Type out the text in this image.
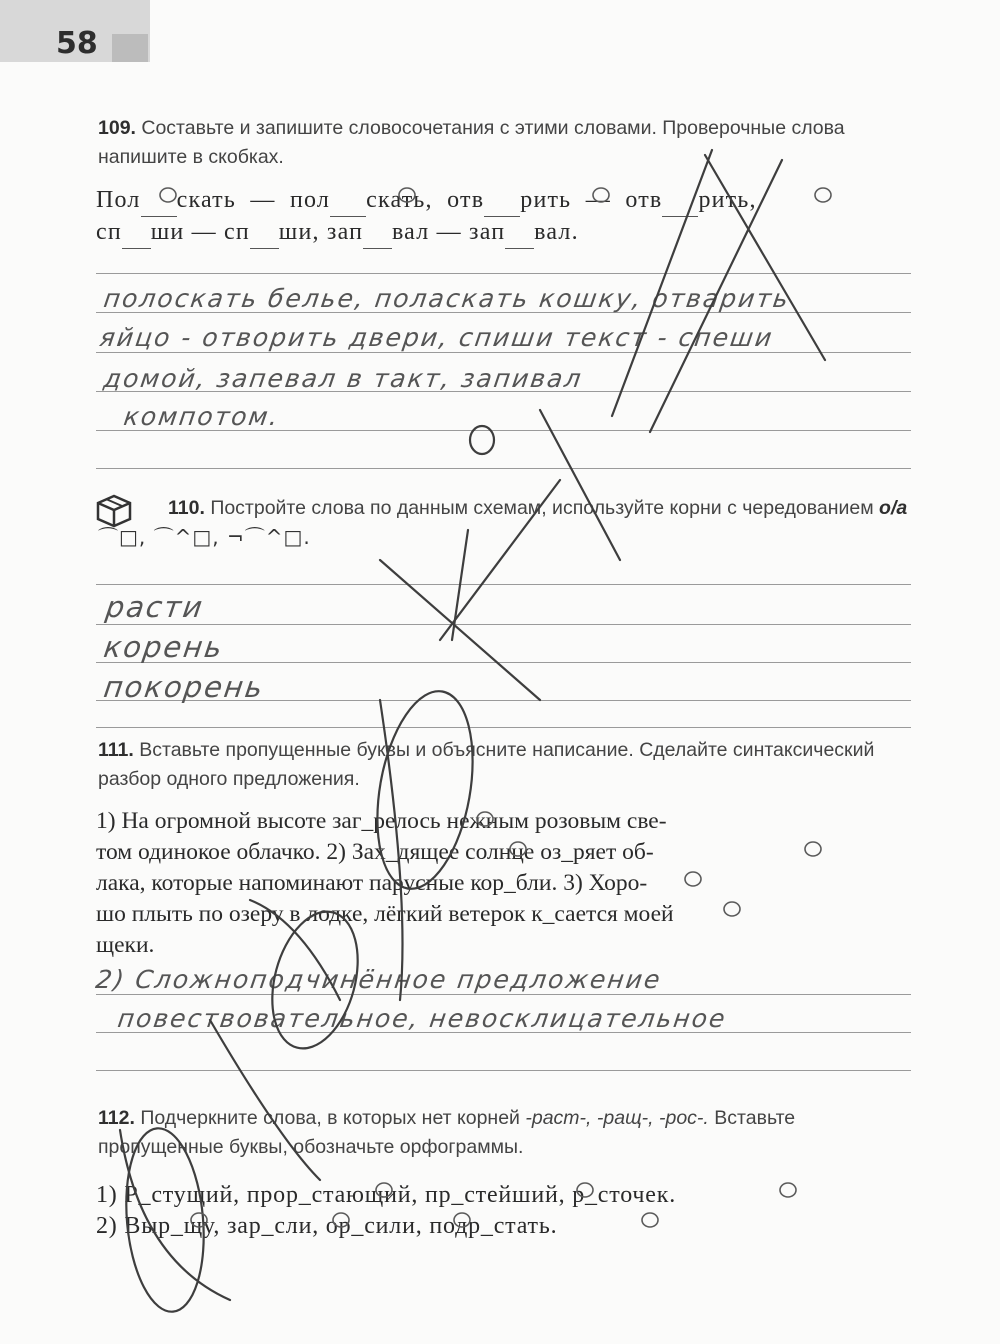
58
109. Составьте и запишите словосочетания с этими словами. Проверочные слова напишите в скобках.
Пол скать  —  пол скать,  отв рить  —  отв рить,
сп ши — сп ши, зап вал — зап вал.
полоскать белье, поласкать кошку, отварить
яйцо - отворить двери, спиши текст - спеши
домой, запевал в такт, запивал
компотом.
110. Постройте слова по данным схемам, используйте корни с чередованием о/а ⌒□, ⌒^□, ¬⌒^□.
расти
корень
покорень
111. Вставьте пропущенные буквы и объясните написание. Сделайте синтаксический разбор одного предложения.
1) На огромной высоте заг_релось нежным розовым све-
том одинокое облачко. 2) Зах_дящее солнце оз_ряет об-
лака, которые напоминают парусные кор_бли. 3) Хоро-
шо плыть по озеру в лодке, лёгкий ветерок к_сается моей
щеки.
2) Сложноподчинённое предложение
повествовательное, невосклицательное
112. Подчеркните слова, в которых нет корней -раст-, -ращ-, -рос-. Вставьте пропущенные буквы, обозначьте орфограммы.
1) Р_стущий, прор_стающий, пр_стейший, р_сточек.
2) Выр_щу, зар_сли, ор_сили, подр_стать.
